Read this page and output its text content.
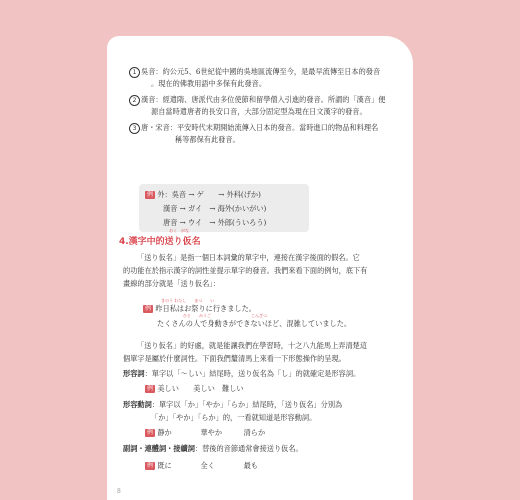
1 吳音：約公元5、6世紀從中國的吳地區流傳至今，是最早流傳至日本的發音
。現在的佛教用語中多保有此發音。
2 漢音：經遣隋、唐派代由多位使節和留學僧入引進的發音。所謂的「漢音」便
源自當時遣唐者的長安口音，大部分固定型為現在日文漢字的發音。
3 唐・宋音：平安時代末期開始流傳入日本的發音。當時進口的物品和料理名
稱等都保有此發音。
例 外：吳音 → ゲ　　→ 外科(げか)
漢音 → ガイ　→ 海外(かいがい)
唐音 → ウイ　→ 外郎(ういろう)
おく　がな
4.漢字中的送り仮名
「送り仮名」是指一個日本詞彙的單字中，連接在漢字後面的假名。它
的功能在於指示漢字的詞性並提示單字的發音。我們來看下面的例句，底下有
畫線的部分就是「送り仮名」：
きのう わたし　　まつ　　い
例 昨日私はお祭りに行きました。
ひと　　みうご　　　　　　　　　　こんざつ
たくさんの人で身動きができないほど、混雑していました。
「送り仮名」的好處，就是能讓我們在學習時，十之八九能馬上弄清楚這
個單字是屬於什麼詞性。下面我們釐清馬上來看一下形態操作的呈現。
形容詞：單字以「～しい」結尾時，送り仮名為「し」的就確定是形容詞。
例 美しい　　美しい　難しい
形容動詞：單字以「か」「やか」「らか」結尾時，「送り仮名」分別為
「か」「やか」「らか」的，一看就知道是形容動詞。
例 静か　　　　華やか　　　清らか
副詞・連體詞・接續詞：替後的音節通常會接送り仮名。
例 既に　　　　全く　　　　最も
8
